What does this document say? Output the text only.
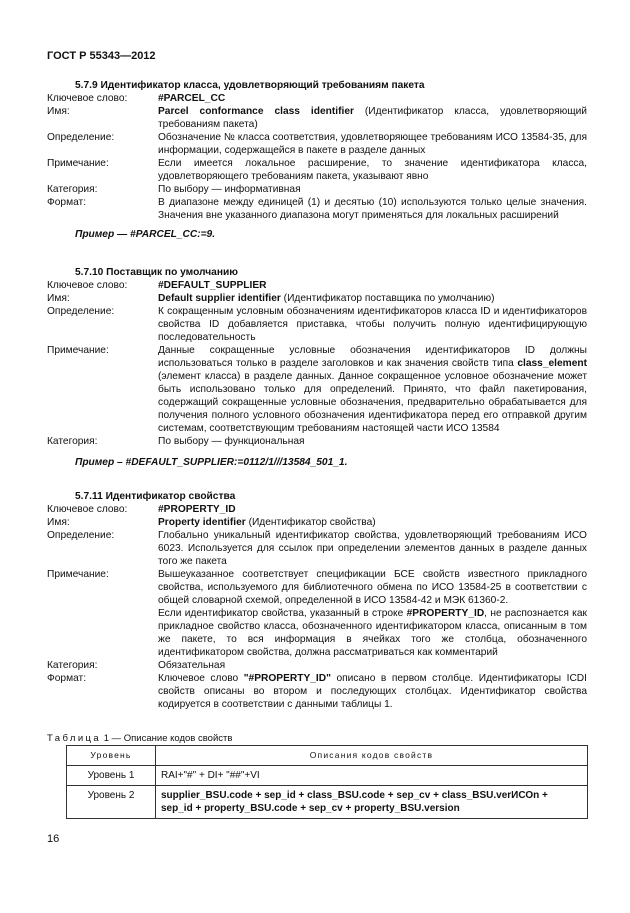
ГОСТ Р 55343—2012
5.7.9 Идентификатор класса, удовлетворяющий требованиям пакета
Ключевое слово:	#PARCEL_CC
Имя:	Parcel conformance class identifier (Идентификатор класса, удовлетворяющий требованиям пакета)
Определение:	Обозначение № класса соответствия, удовлетворяющее требованиям ИСО 13584-35, для информации, содержащейся в пакете в разделе данных
Примечание:	Если имеется локальное расширение, то значение идентификатора класса, удовлетворяющего требованиям пакета, указывают явно
Категория:	По выбору — информативная
Формат:	В диапазоне между единицей (1) и десятью (10) используются только целые значения. Значения вне указанного диапазона могут применяться для локальных расширений
Пример — #PARCEL_CC:=9.
5.7.10 Поставщик по умолчанию
Ключевое слово:	#DEFAULT_SUPPLIER
Имя:	Default supplier identifier (Идентификатор поставщика по умолчанию)
Определение:	К сокращенным условным обозначениям идентификаторов класса ID и идентификаторов свойства ID добавляется приставка, чтобы получить полную идентифицирующую последовательность
Примечание:	Данные сокращенные условные обозначения идентификаторов ID должны использоваться только в разделе заголовков и как значения свойств типа class_element (элемент класса) в разделе данных. Данное сокращенное условное обозначение может быть использовано только для определений. Принято, что файл пакетирования, содержащий сокращенные условные обозначения, предварительно обрабатывается для получения полного условного обозначения идентификатора перед его отправкой другим системам, соответствующим требованиям настоящей части ИСО 13584
Категория:	По выбору — функциональная
Пример – #DEFAULT_SUPPLIER:=0112/1///13584_501_1.
5.7.11 Идентификатор свойства
Ключевое слово:	#PROPERTY_ID
Имя:	Property identifier (Идентификатор свойства)
Определение:	Глобально уникальный идентификатор свойства, удовлетворяющий требованиям ИСО 6023. Используется для ссылок при определении элементов данных в разделе данных того же пакета
Примечание:	Вышеуказанное соответствует спецификации БСЕ свойств известного прикладного свойства, используемого для библиотечного обмена по ИСО 13584-25 в соответствии с общей словарной схемой, определенной в ИСО 13584-42 и МЭК 61360-2.
Если идентификатор свойства, указанный в строке #PROPERTY_ID, не распознается как прикладное свойство класса, обозначенного идентификатором класса, описанным в том же пакете, то вся информация в ячейках того же столбца, обозначенного идентификатором свойства, должна рассматриваться как комментарий
Категория:	Обязательная
Формат:	Ключевое слово "#PROPERTY_ID" описано в первом столбце. Идентификаторы ICDI свойств описаны во втором и последующих столбцах. Идентификатор свойства кодируется в соответствии с данными таблицы 1.
Таблица 1 — Описание кодов свойств
Уровень	Описания кодов свойств
Уровень 1	RAI+"#" + DI+ "##"+VI
Уровень 2	supplier_BSU.code + sep_id + class_BSU.code + sep_cv + class_BSU.verИСОn + sep_id + property_BSU.code + sep_cv + property_BSU.version
16
